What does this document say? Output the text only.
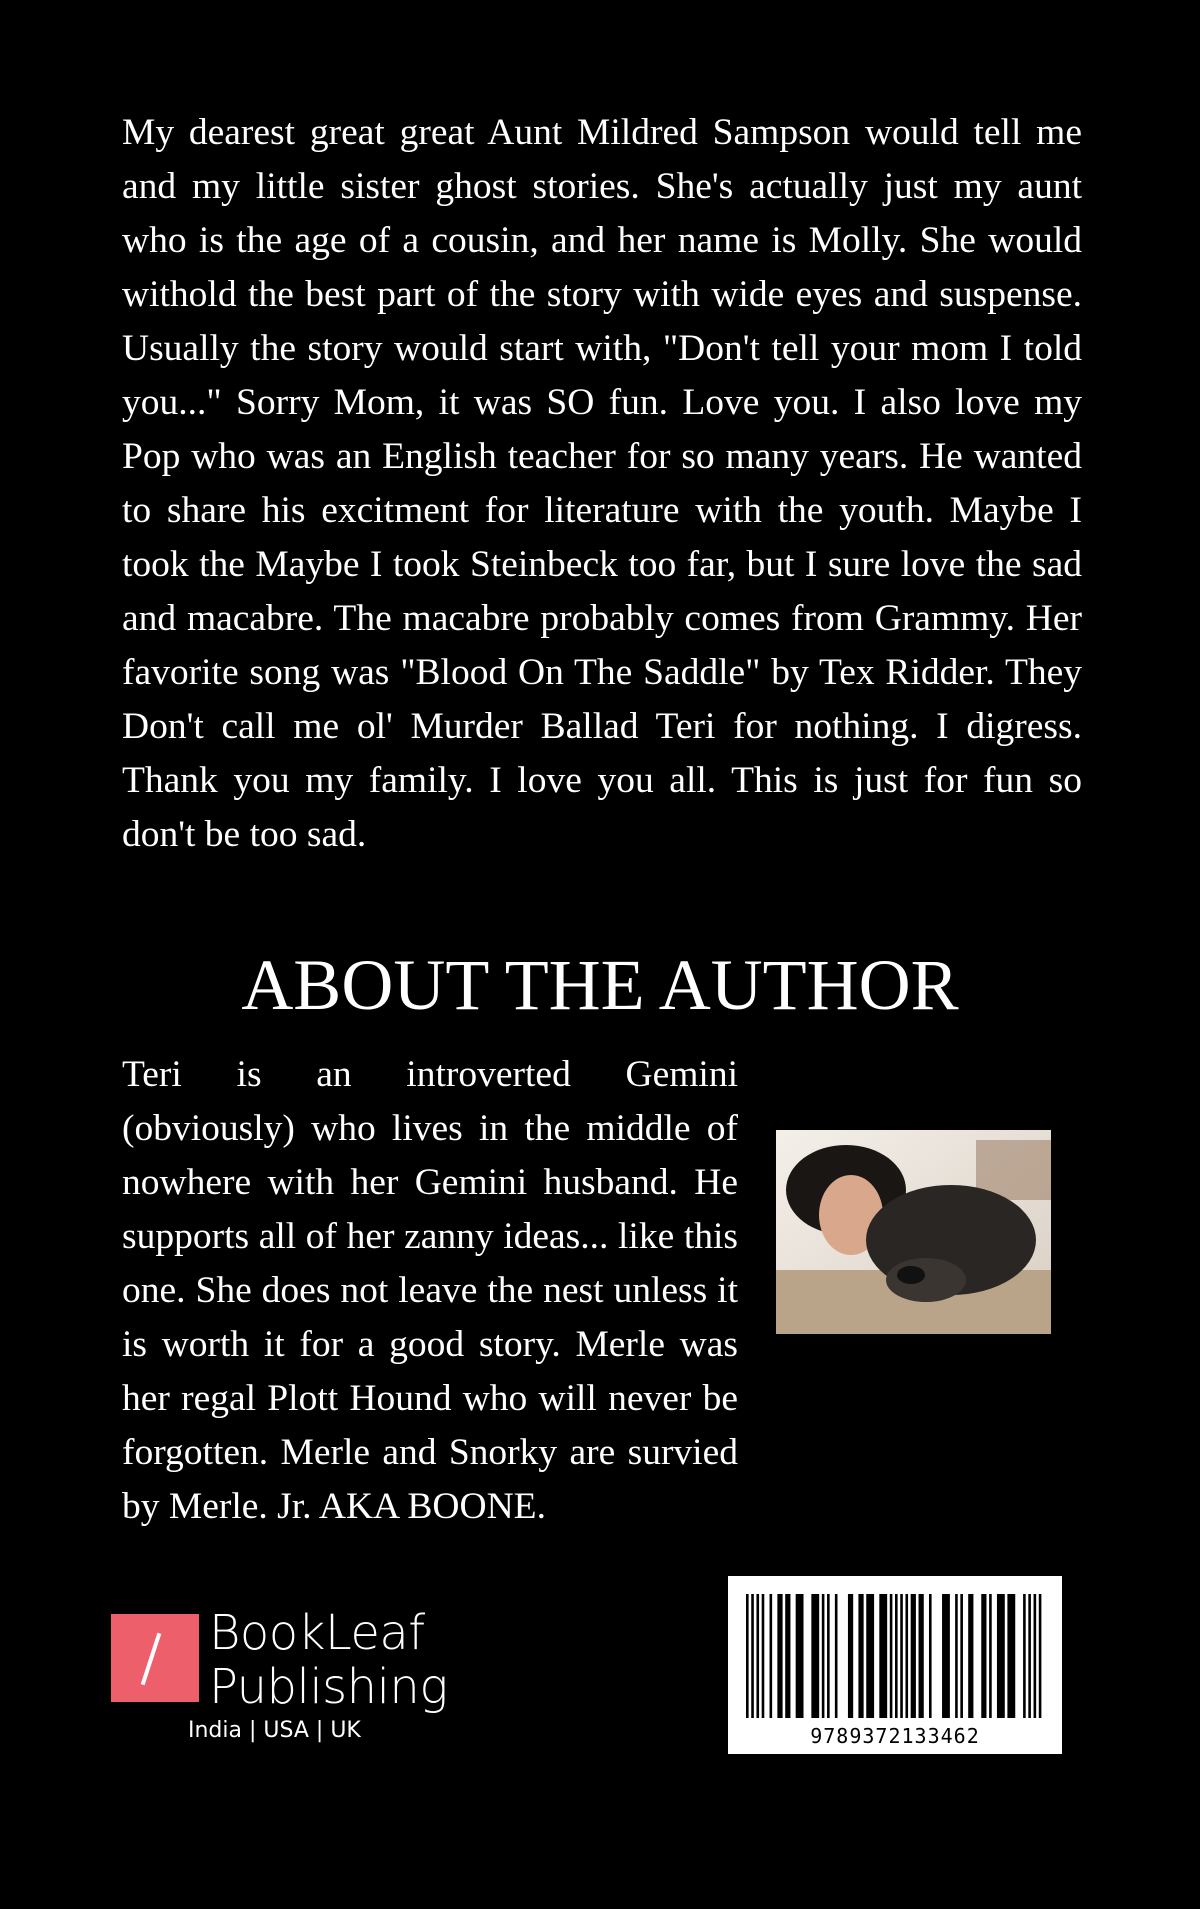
My dearest great great Aunt Mildred Sampson would tell me and my little sister ghost stories. She's actually just my aunt who is the age of a cousin, and her name is Molly. She would withold the best part of the story with wide eyes and suspense. Usually the story would start with, "Don't tell your mom I told you..." Sorry Mom, it was SO fun. Love you. I also love my Pop who was an English teacher for so many years. He wanted to share his excitment for literature with the youth. Maybe I took the Maybe I took Steinbeck too far, but I sure love the sad and macabre. The macabre probably comes from Grammy. Her favorite song was "Blood On The Saddle" by Tex Ridder. They Don't call me ol' Murder Ballad Teri for nothing. I digress. Thank you my family. I love you all. This is just for fun so don't be too sad.

ABOUT THE AUTHOR

Teri is an introverted Gemini (obviously) who lives in the middle of nowhere with her Gemini husband. He supports all of her zanny ideas... like this one. She does not leave the nest unless it is worth it for a good story. Merle was her regal Plott Hound who will never be forgotten. Merle and Snorky are survied by Merle. Jr. AKA BOONE.

BookLeaf
Publishing
India | USA | UK	9789372133462
